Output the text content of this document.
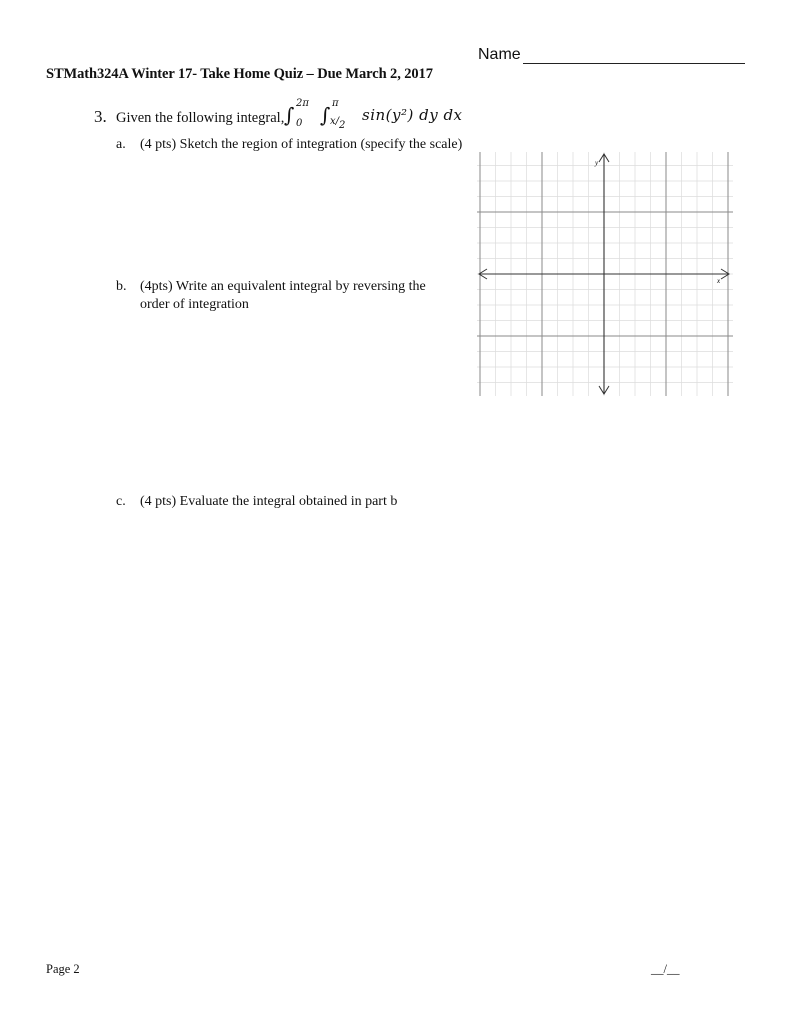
Name
STMath324A Winter 17- Take Home Quiz – Due March 2, 2017
3. Given the following integral, ∫ 2π
0 ∫ π
x/2
sin(y²) dy dx
a. (4 pts) Sketch the region of integration (specify the scale)
b. (4pts) Write an equivalent integral by reversing the
order of integration
c. (4 pts) Evaluate the integral obtained in part b
x
y
Page 2	__/__
